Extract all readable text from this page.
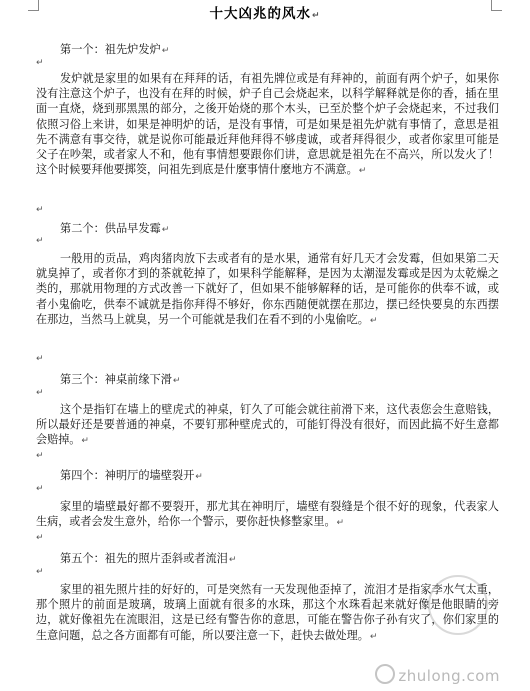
十大凶兆的风水↵
第一个：祖先炉发炉↵
↵

发炉就是家里的如果有在拜拜的话，有祖先牌位或是有拜神的，前面有两个炉子，如果你没有注意这个炉子，也没有在拜的时候，炉子自己会烧起来，以科学解释就是你的香，插在里面一直烧，烧到那黑黑的部分，之後开始烧的那个木头，已至於整个炉子会烧起来，不过我们依照习俗上来讲，如果是神明炉的话，是没有事情，可是如果是祖先炉就有事情了，意思是祖先不满意有事交待，就是说你可能最近拜他拜得不够虔诚，或者拜得很少，或者你家里可能是父子在吵架，或者家人不和，他有事情想要跟你们讲，意思就是祖先在不高兴，所以发火了！这个时候要拜他要掷筊，问祖先到底是什麼事情什麼地方不满意。↵

↵
第二个：供品早发霉↵
↵

一般用的贡品，鸡肉猪肉放下去或者有的是水果，通常有好几天才会发霉，但如果第二天就臭掉了，或者你才到的茶就乾掉了，如果科学能解释，是因为太潮湿发霉或是因为太乾燥之类的，那就用物理的方式改善一下就好了，但如果不能够解释的话，是可能你的供奉不诚，或者小鬼偷吃，供奉不诚就是指你拜得不够好，你东西随便就摆在那边，摆已经快要臭的东西摆在那边，当然马上就臭，另一个可能就是我们在看不到的小鬼偷吃。↵

↵
第三个：神桌前缘下滑↵
↵

这个是指钉在墙上的壁虎式的神桌，钉久了可能会就往前滑下来，这代表您会生意赔钱，所以最好还是要普通的神桌，不要钉那种壁虎式的，可能钉得没有很好，而因此搞不好生意都会赔掉。↵

↵
第四个：神明厅的墙壁裂开↵
↵

家里的墙壁最好都不要裂开，那尤其在神明厅，墙壁有裂缝是个很不好的现象，代表家人生病，或者会发生意外，给你一个警示，要你赶快修整家里。↵

↵
第五个：祖先的照片歪斜或者流泪↵
↵

家里的祖先照片挂的好好的，可是突然有一天发现他歪掉了，流泪才是指家李水气太重，那个照片的前面是玻璃，玻璃上面就有很多的水珠，那这个水珠看起来就好像是他眼睛的旁边，就好像祖先在流眼泪，这是已经有警告你的意思，可能在警告你子孙有灾了，你们家里的生意问题，总之各方面都有可能，所以要注意一下，赶快去做处理。↵

zhulong.com
